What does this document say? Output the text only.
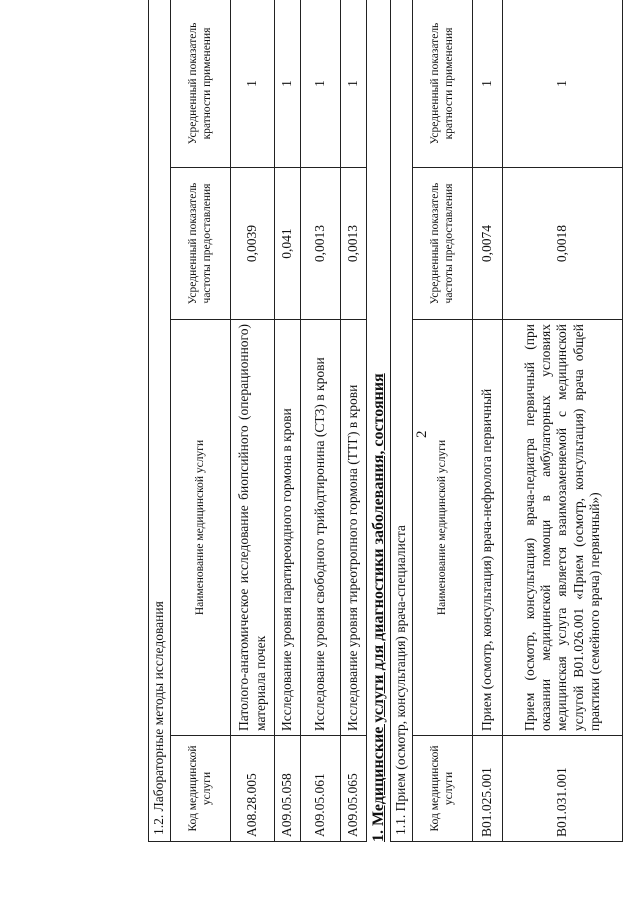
2
1. Медицинские услуги для диагностики заболевания, состояния 1.1. Прием (осмотр, консультация) врача-специалиста			
Код медицинской услуги	Наименование медицинской услуги	Усредненный показатель частоты предоставления	Усредненный показатель кратности применения
B01.025.001	Прием (осмотр, консультация) врача-нефролога первичный	0,0074	1
B01.031.001	Прием (осмотр, консультация) врача-педиатра первичный (при оказании медицинской помощи в амбулаторных условиях медицинская услуга является взаимозаменяемой с медицинской услугой B01.026.001 «Прием (осмотр, консультация) врача общей практики (семейного врача) первичный»)	0,0018	1
1.2. Лабораторные методы исследования			
Код медицинской услуги	Наименование медицинской услуги	Усредненный показатель частоты предоставления	Усредненный показатель кратности применения
A08.28.005	Патолого-анатомическое исследование биопсийного (операционного) материала почек	0,0039	1
A09.05.058	Исследование уровня паратиреоидного гормона в крови	0,041	1
A09.05.061	Исследование уровня свободного трийодтиронина (СТ3) в крови	0,0013	1
A09.05.065	Исследование уровня тиреотропного гормона (ТТГ) в крови	0,0013	1
